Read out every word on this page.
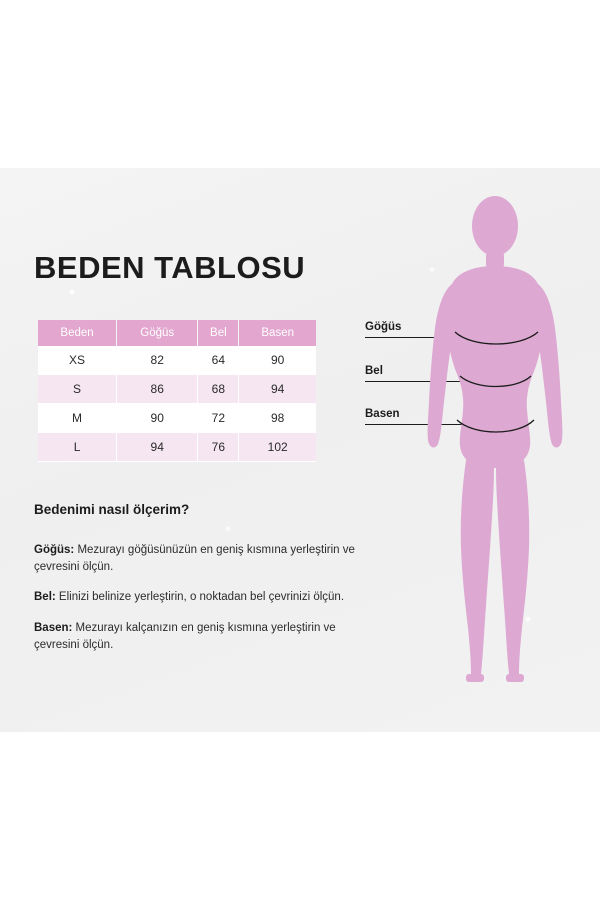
BEDEN TABLOSU
Beden	Göğüs	Bel	Basen
XS	82	64	90
S	86	68	94
M	90	72	98
L	94	76	102
Bedenimi nasıl ölçerim?

Göğüs: Mezurayı göğüsünüzün en geniş kısmına yerleştirin ve çevresini ölçün.

Bel: Elinizi belinize yerleştirin, o noktadan bel çevrinizi ölçün.

Basen: Mezurayı kalçanızın en geniş kısmına yerleştirin ve çevresini ölçün.

Göğüs
Bel
Basen
